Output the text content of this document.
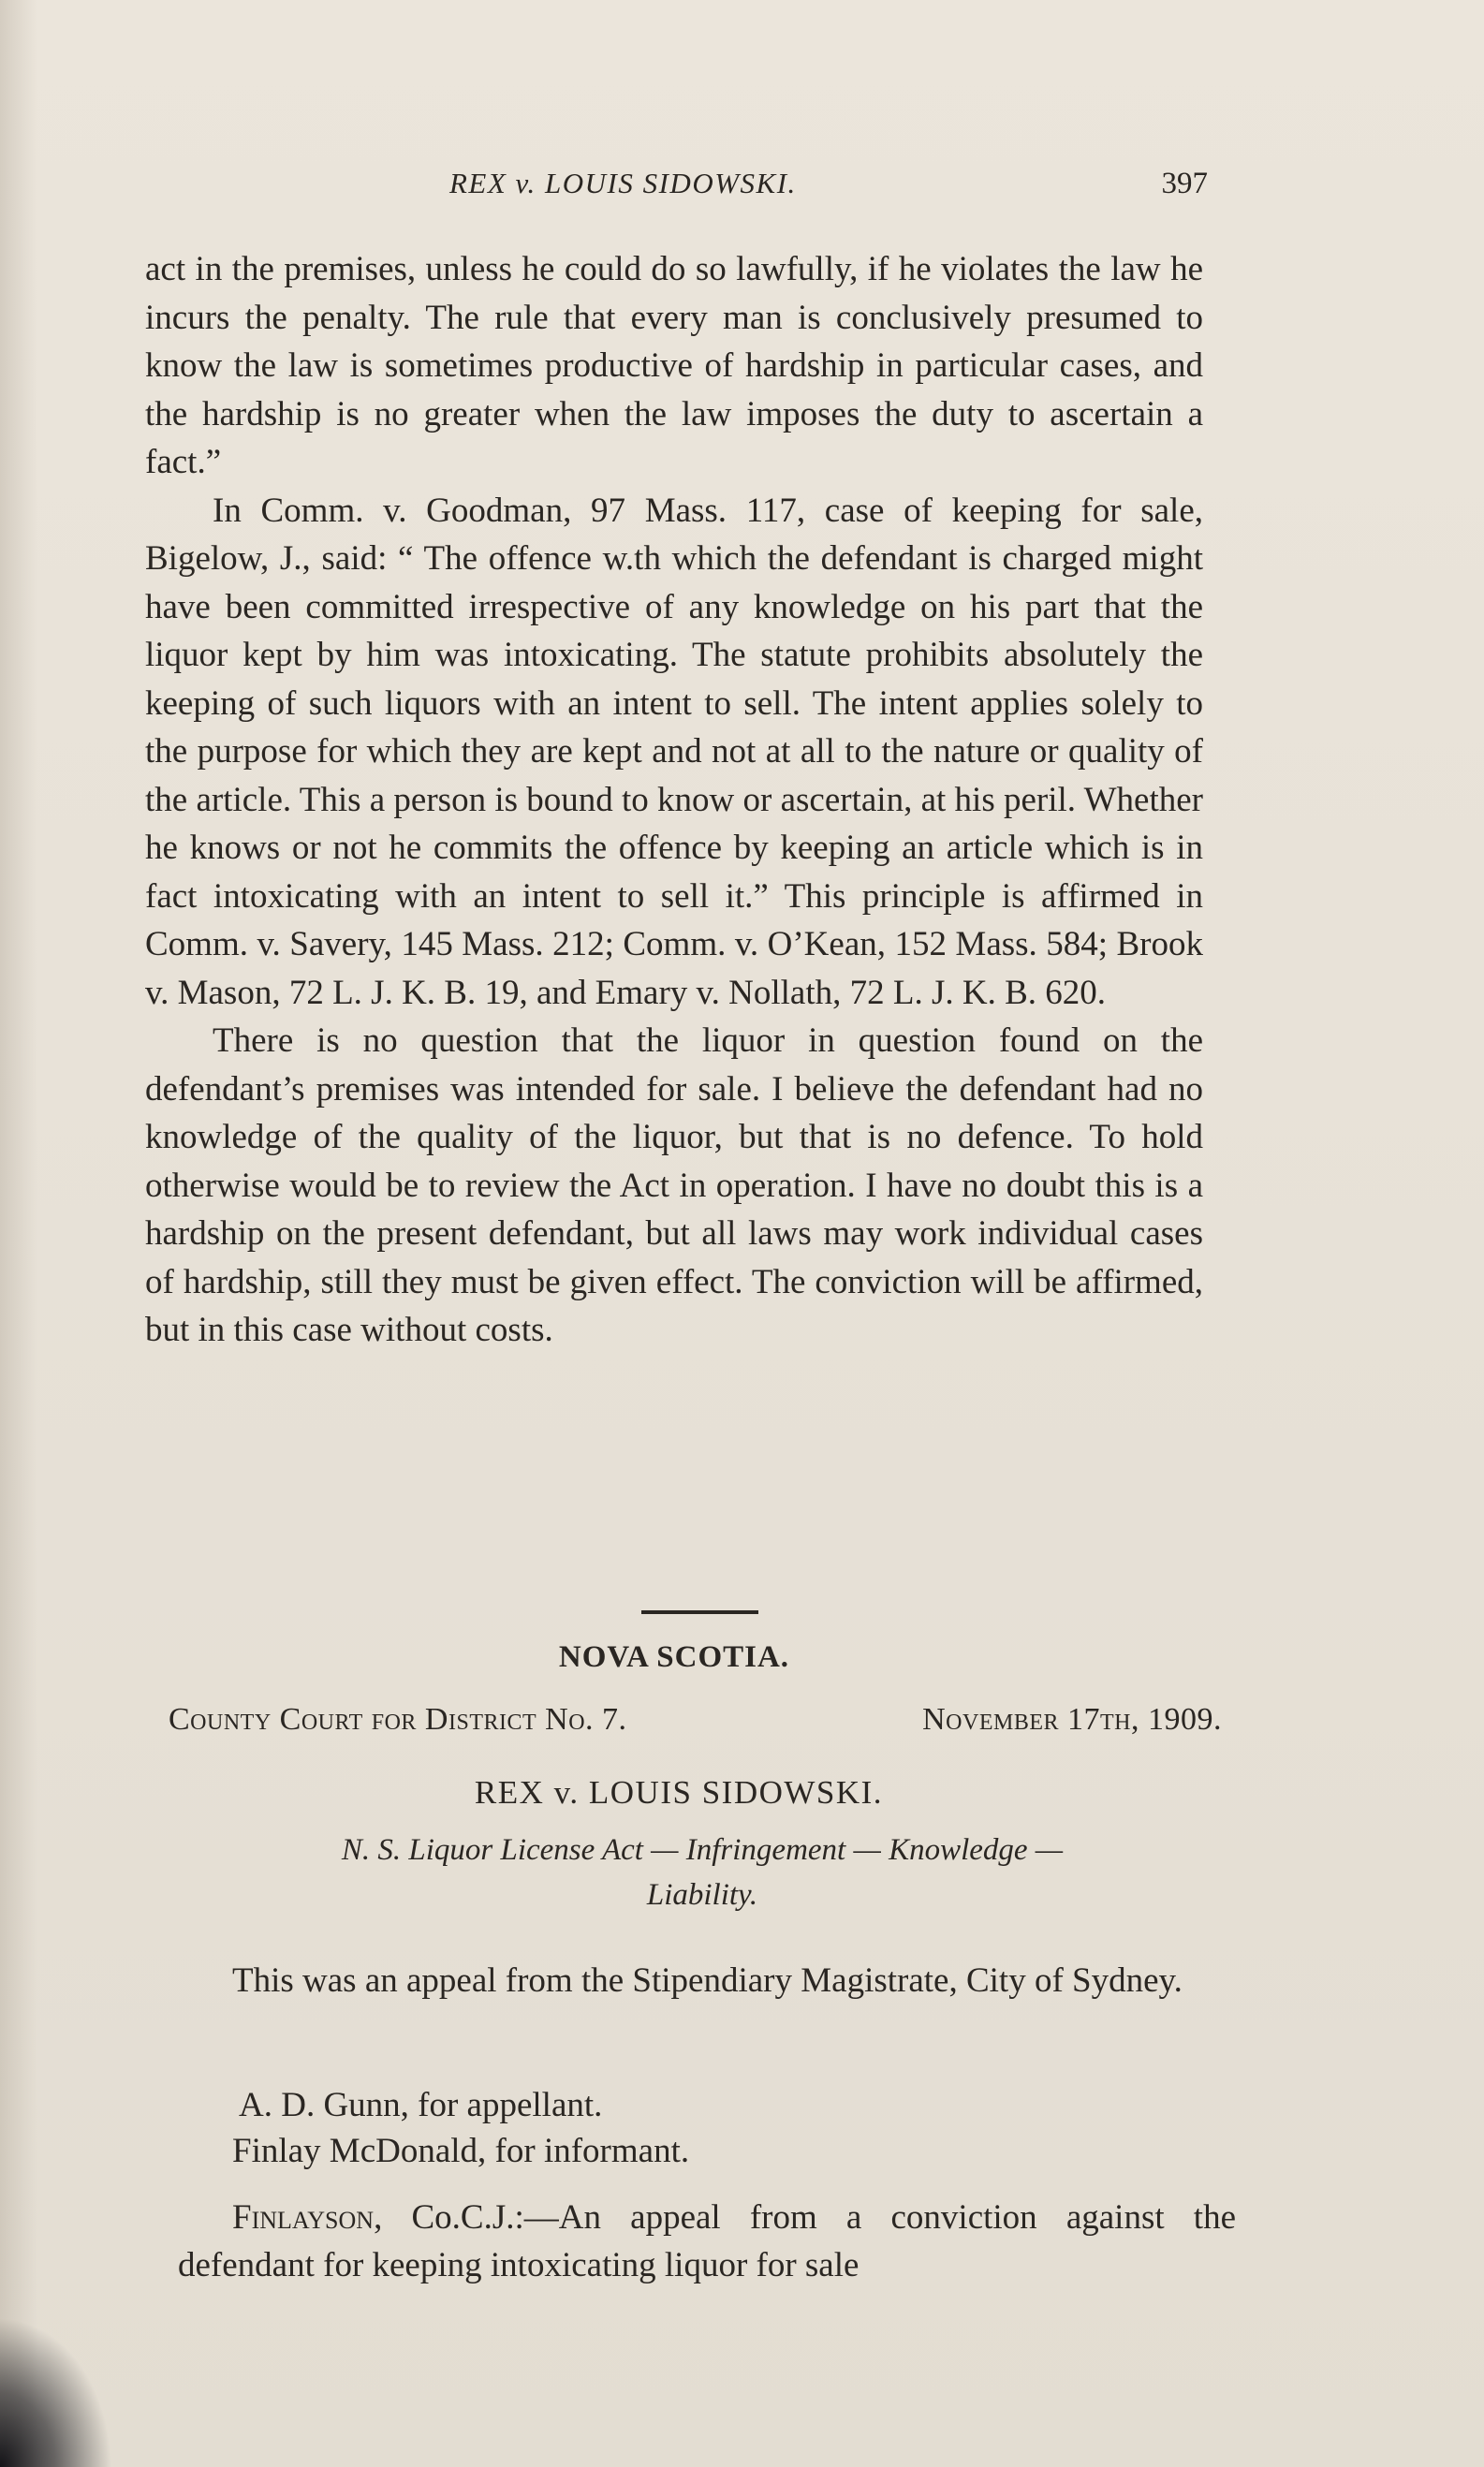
REX v. LOUIS SIDOWSKI.	397

act in the premises, unless he could do so lawfully, if he violates the law he incurs the penalty. The rule that every man is conclusively presumed to know the law is sometimes productive of hardship in particular cases, and the hardship is no greater when the law imposes the duty to ascertain a fact.”

In Comm. v. Goodman, 97 Mass. 117, case of keeping for sale, Bigelow, J., said: “ The offence w.th which the defendant is charged might have been committed irrespective of any knowledge on his part that the liquor kept by him was intoxicating. The statute prohibits absolutely the keeping of such liquors with an intent to sell. The intent applies solely to the purpose for which they are kept and not at all to the nature or quality of the article. This a person is bound to know or ascertain, at his peril. Whether he knows or not he commits the offence by keeping an article which is in fact intoxicating with an intent to sell it.” This principle is affirmed in Comm. v. Savery, 145 Mass. 212; Comm. v. O’Kean, 152 Mass. 584; Brook v. Mason, 72 L. J. K. B. 19, and Emary v. Nollath, 72 L. J. K. B. 620.

There is no question that the liquor in question found on the defendant’s premises was intended for sale. I believe the defendant had no knowledge of the quality of the liquor, but that is no defence. To hold otherwise would be to review the Act in operation. I have no doubt this is a hardship on the present defendant, but all laws may work individual cases of hardship, still they must be given effect. The conviction will be affirmed, but in this case without costs.

NOVA SCOTIA.
County Court for District No. 7.	November 17th, 1909.
REX v. LOUIS SIDOWSKI.
N. S. Liquor License Act — Infringement — Knowledge —
Liability.
This was an appeal from the Stipendiary Magistrate, City of Sydney.
A. D. Gunn, for appellant.
Finlay McDonald, for informant.
Finlayson, Co.C.J.:—An appeal from a conviction against the defendant for keeping intoxicating liquor for sale
